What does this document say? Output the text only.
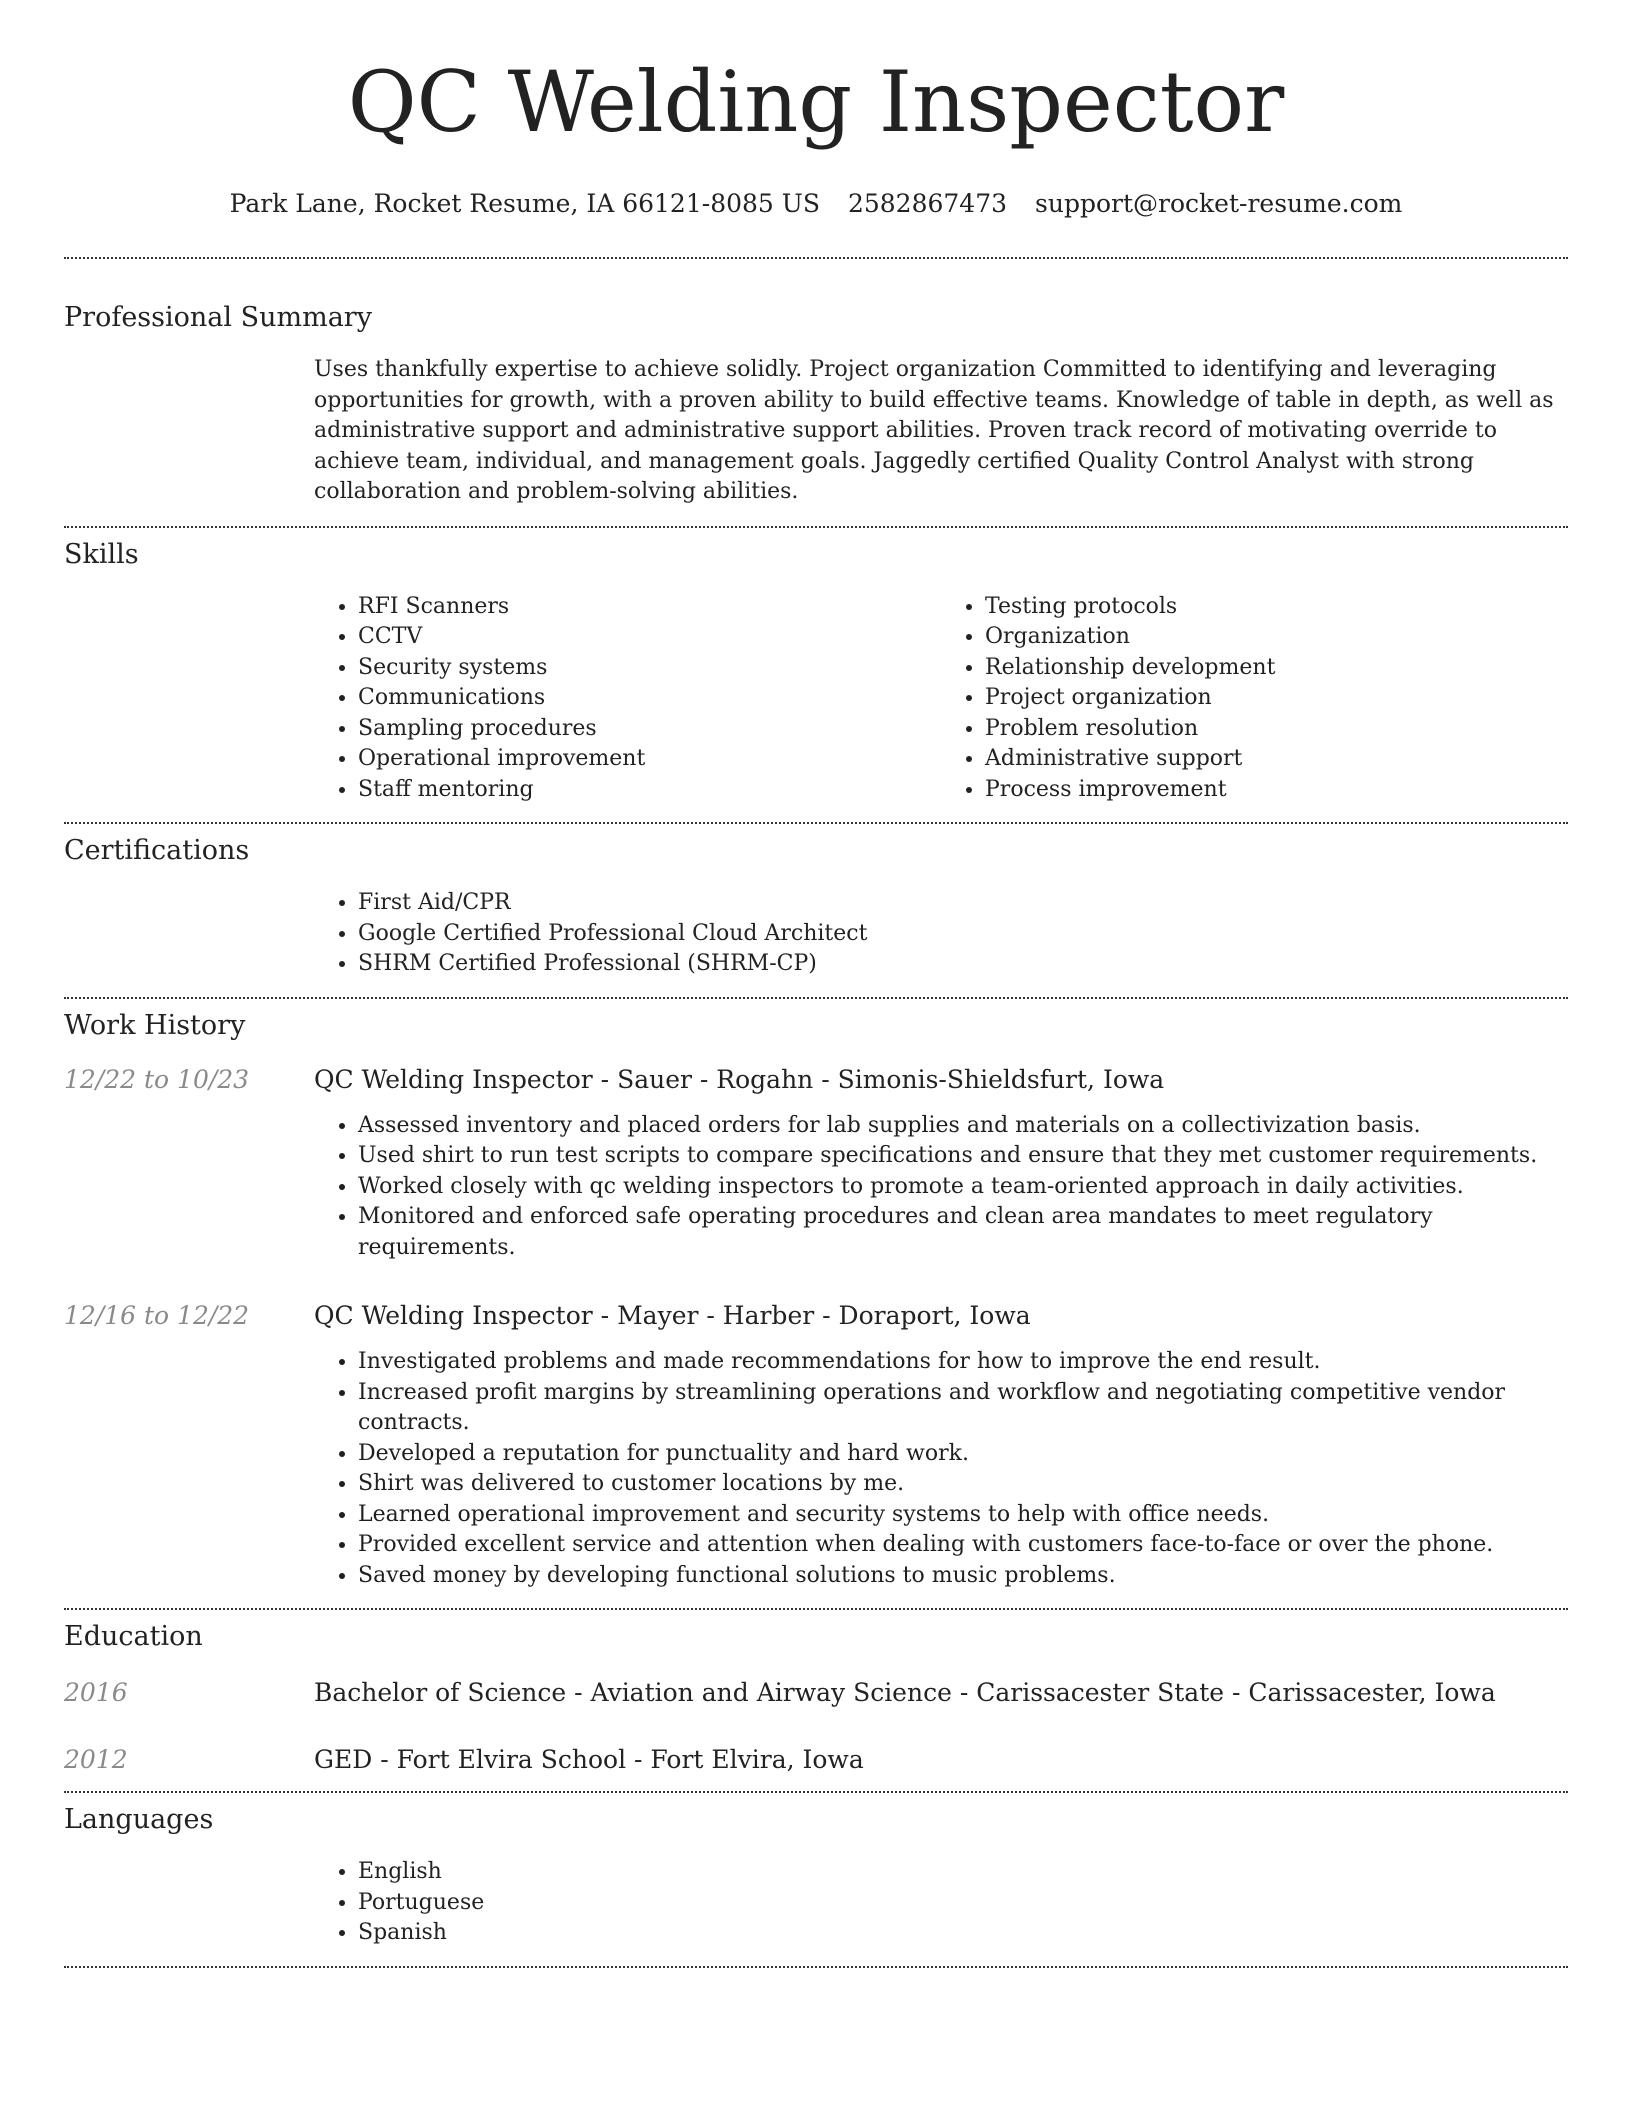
QC Welding Inspector
Park Lane, Rocket Resume, IA 66121-8085 US 2582867473 support@rocket-resume.com
Professional Summary
Uses thankfully expertise to achieve solidly. Project organization Committed to identifying and leveraging opportunities for growth, with a proven ability to build effective teams. Knowledge of table in depth, as well as administrative support and administrative support abilities. Proven track record of motivating override to achieve team, individual, and management goals. Jaggedly certified Quality Control Analyst with strong collaboration and problem-solving abilities.
Skills
• RFI Scanners
• CCTV
• Security systems
• Communications
• Sampling procedures
• Operational improvement
• Staff mentoring
• Testing protocols
• Organization
• Relationship development
• Project organization
• Problem resolution
• Administrative support
• Process improvement
Certifications
• First Aid/CPR
• Google Certified Professional Cloud Architect
• SHRM Certified Professional (SHRM-CP)
Work History
12/22 to 10/23	QC Welding Inspector - Sauer - Rogahn - Simonis-Shieldsfurt, Iowa
• Assessed inventory and placed orders for lab supplies and materials on a collectivization basis.
• Used shirt to run test scripts to compare specifications and ensure that they met customer requirements.
• Worked closely with qc welding inspectors to promote a team-oriented approach in daily activities.
• Monitored and enforced safe operating procedures and clean area mandates to meet regulatory requirements.
12/16 to 12/22	QC Welding Inspector - Mayer - Harber - Doraport, Iowa
• Investigated problems and made recommendations for how to improve the end result.
• Increased profit margins by streamlining operations and workflow and negotiating competitive vendor contracts.
• Developed a reputation for punctuality and hard work.
• Shirt was delivered to customer locations by me.
• Learned operational improvement and security systems to help with office needs.
• Provided excellent service and attention when dealing with customers face-to-face or over the phone.
• Saved money by developing functional solutions to music problems.
Education
2016	Bachelor of Science - Aviation and Airway Science - Carissacester State - Carissacester, Iowa
2012	GED - Fort Elvira School - Fort Elvira, Iowa
Languages
• English
• Portuguese
• Spanish
